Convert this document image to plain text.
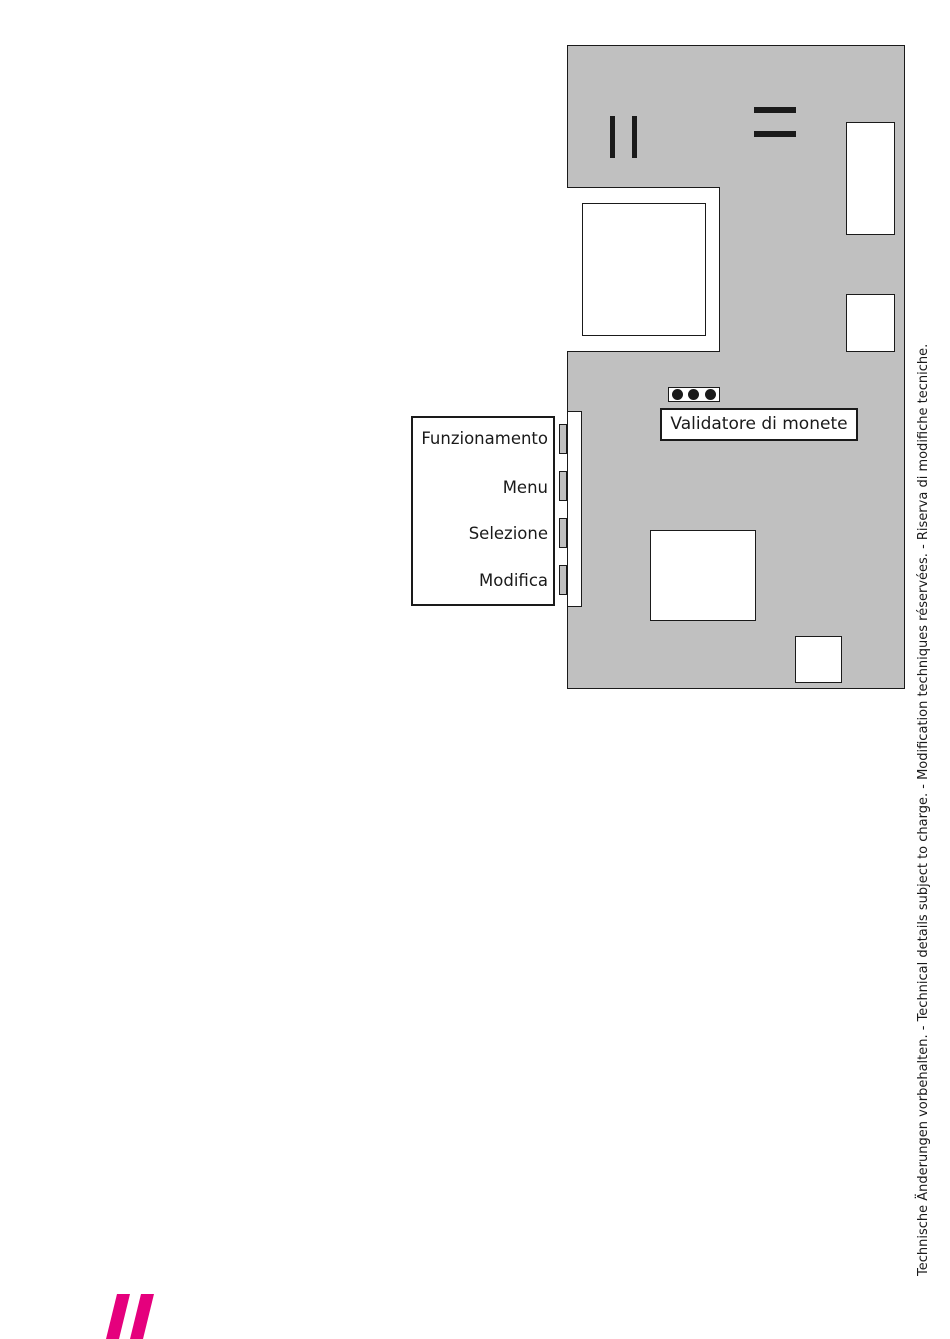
Validatore di monete
Funzionamento
Menu
Selezione
Modifica	Technische Änderungen vorbehalten. - Technical details subject to charge. - Modification techniques réservées. - Riserva di modifiche tecniche.
